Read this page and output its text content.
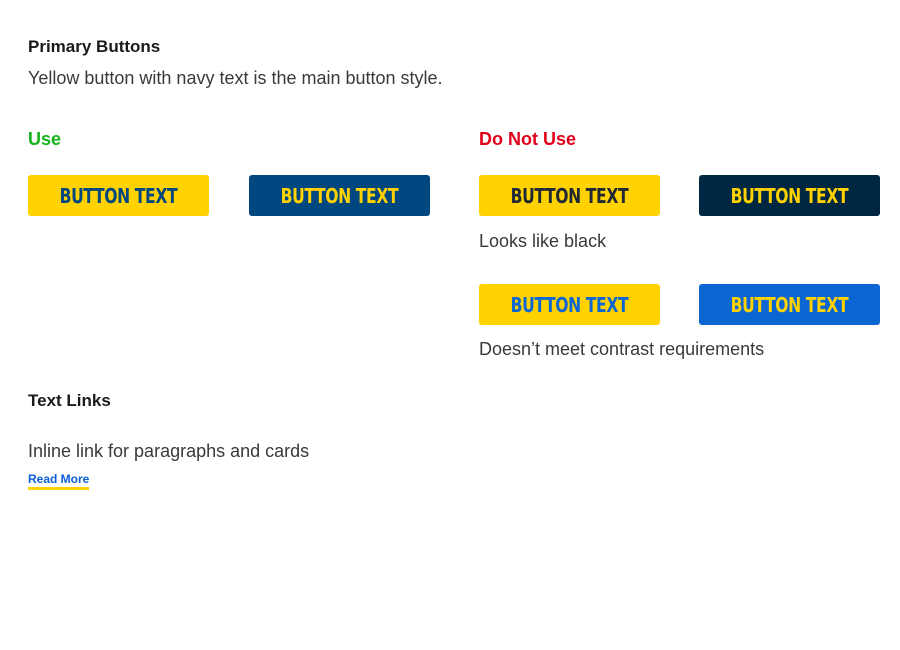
Primary Buttons
Yellow button with navy text is the main button style.
Use
BUTTON TEXT	BUTTON TEXT
Do Not Use
BUTTON TEXT	BUTTON TEXT
Looks like black
BUTTON TEXT	BUTTON TEXT
Doesn’t meet contrast requirements
Text Links
Inline link for paragraphs and cards
Read More
